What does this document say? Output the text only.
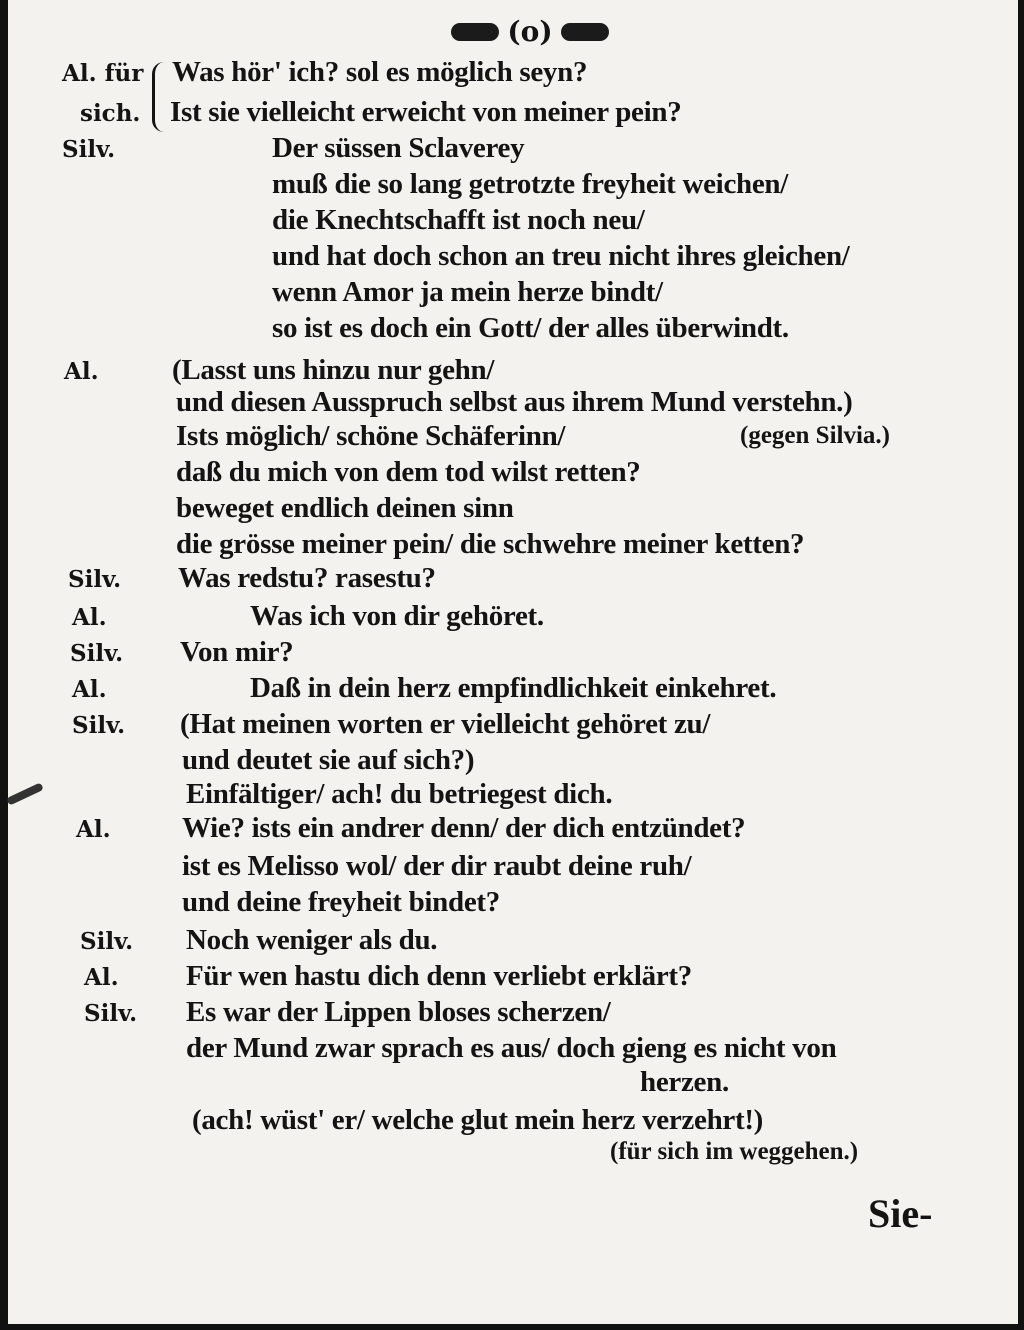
(o)
Al. für
sich.
Silv.
Al.
Silv.
Al.
Silv.
Al.
Silv.
Al.
Silv.
Al.
Silv.
Was hör' ich? sol es möglich seyn?
Ist sie vielleicht erweicht von meiner pein?
Der süssen Sclaverey
muß die so lang getrotzte freyheit weichen/
die Knechtschafft ist noch neu/
und hat doch schon an treu nicht ihres gleichen/
wenn Amor ja mein herze bindt/
so ist es doch ein Gott/ der alles überwindt.
(Lasst uns hinzu nur gehn/
und diesen Ausspruch selbst aus ihrem Mund verstehn.)
Ists möglich/ schöne Schäferinn/	(gegen Silvia.)
daß du mich von dem tod wilst retten?
beweget endlich deinen sinn
die grösse meiner pein/ die schwehre meiner ketten?
Was redstu? rasestu?
Was ich von dir gehöret.
Von mir?
Daß in dein herz empfindlichkeit einkehret.
(Hat meinen worten er vielleicht gehöret zu/
und deutet sie auf sich?)
Einfältiger/ ach! du betriegest dich.
Wie? ists ein andrer denn/ der dich entzündet?
ist es Melisso wol/ der dir raubt deine ruh/
und deine freyheit bindet?
Noch weniger als du.
Für wen hastu dich denn verliebt erklärt?
Es war der Lippen bloses scherzen/
der Mund zwar sprach es aus/ doch gieng es nicht von
herzen.
(ach! wüst' er/ welche glut mein herz verzehrt!)
(für sich im weggehen.)
Sie-
